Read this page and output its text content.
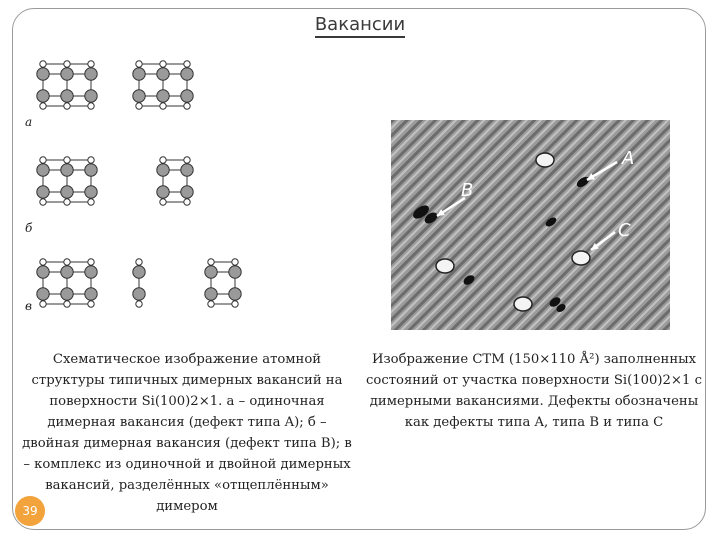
Вакансии
а
б
в
A
B
C
Схематическое изображение атомной структуры типичных димерных вакансий на поверхности Si(100)2×1. а – одиночная димерная вакансия (дефект типа A); б – двойная димерная вакансия (дефект типа B); в – комплекс из одиночной и двойной димерных вакансий, разделённых «отщеплённым» димером
Изображение СТМ (150×110 Å²) заполненных состояний от участка поверхности Si(100)2×1 с димерными вакансиями. Дефекты обозначены как дефекты типа A, типа B и типа C
39
